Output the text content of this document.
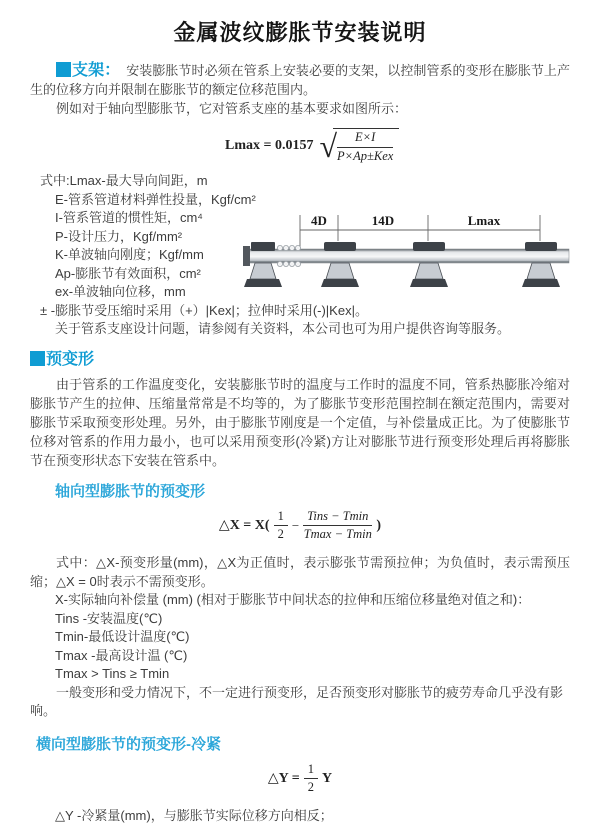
金属波纹膨胀节安装说明

支架： 安装膨胀节时必须在管系上安装必要的支架，以控制管系的变形在膨胀节上产生的位移方向并限制在膨胀节的额定位移范围内。

例如对于轴向型膨胀节，它对管系支座的基本要求如图所示：

Lmax = 0.0157 √ $\frac{E\times I}{\text{P×Ap±Kex}}$

式中:Lmax-最大导向间距，m

E-管系管道材料弹性投量，Kgf/cm²

I-管系管道的惯性矩，cm⁴

P-设计压力，Kgf/mm²

K-单波轴向刚度；Kgf/mm

Ap-膨胀节有效面积，cm²

ex-单波轴向位移，mm

± -膨胀节受压缩时采用（+）|Kex|；拉伸时采用(-)|Kex|。

关于管系支座设计问题，请参阅有关资料，本公司也可为用户提供咨询等服务。

预变形

由于管系的工作温度变化，安装膨胀节时的温度与工作时的温度不同，管系热膨胀冷缩对膨胀节产生的拉伸、压缩量常常是不均等的，为了膨胀节变形范围控制在额定范围内，需要对膨胀节采取预变形处理。另外，由于膨胀节刚度是一个定值，与补偿量成正比。为了使膨胀节位移对管系的作用力最小，也可以采用预变形(冷紧)方让对膨胀节进行预变形处理后再将膨胀节在预变形状态下安装在管系中。

轴向型膨胀节的预变形
△X = $X( \frac{1}{2} - \frac{\text{Tins − Tmin}}{Tmax - Tmin}$ )

式中：△X-预变形量(mm)，△X为正值时，表示膨张节需预拉伸；为负值时，表示需预压缩；△X = 0时表示不需预变形。

X-实际轴向补偿量 (mm) (相对于膨胀节中间状态的拉伸和压缩位移量绝对值之和)：

Tins -安装温度(℃)

Tmin-最低设计温度(℃)

Tmax -最高设计温 (℃)

Tmax > Tins ≥ Tmin

一般变形和受力情况下，不一定进行预变形，足否预变形对膨胀节的疲劳寿命几乎没有影响。

横向型膨胀节的预变形-冷紧
△Y = $\frac{1}{2}$ Y

△Y -冷紧量(mm)，与膨胀节实际位移方向相反；

4D	14D	Lmax
